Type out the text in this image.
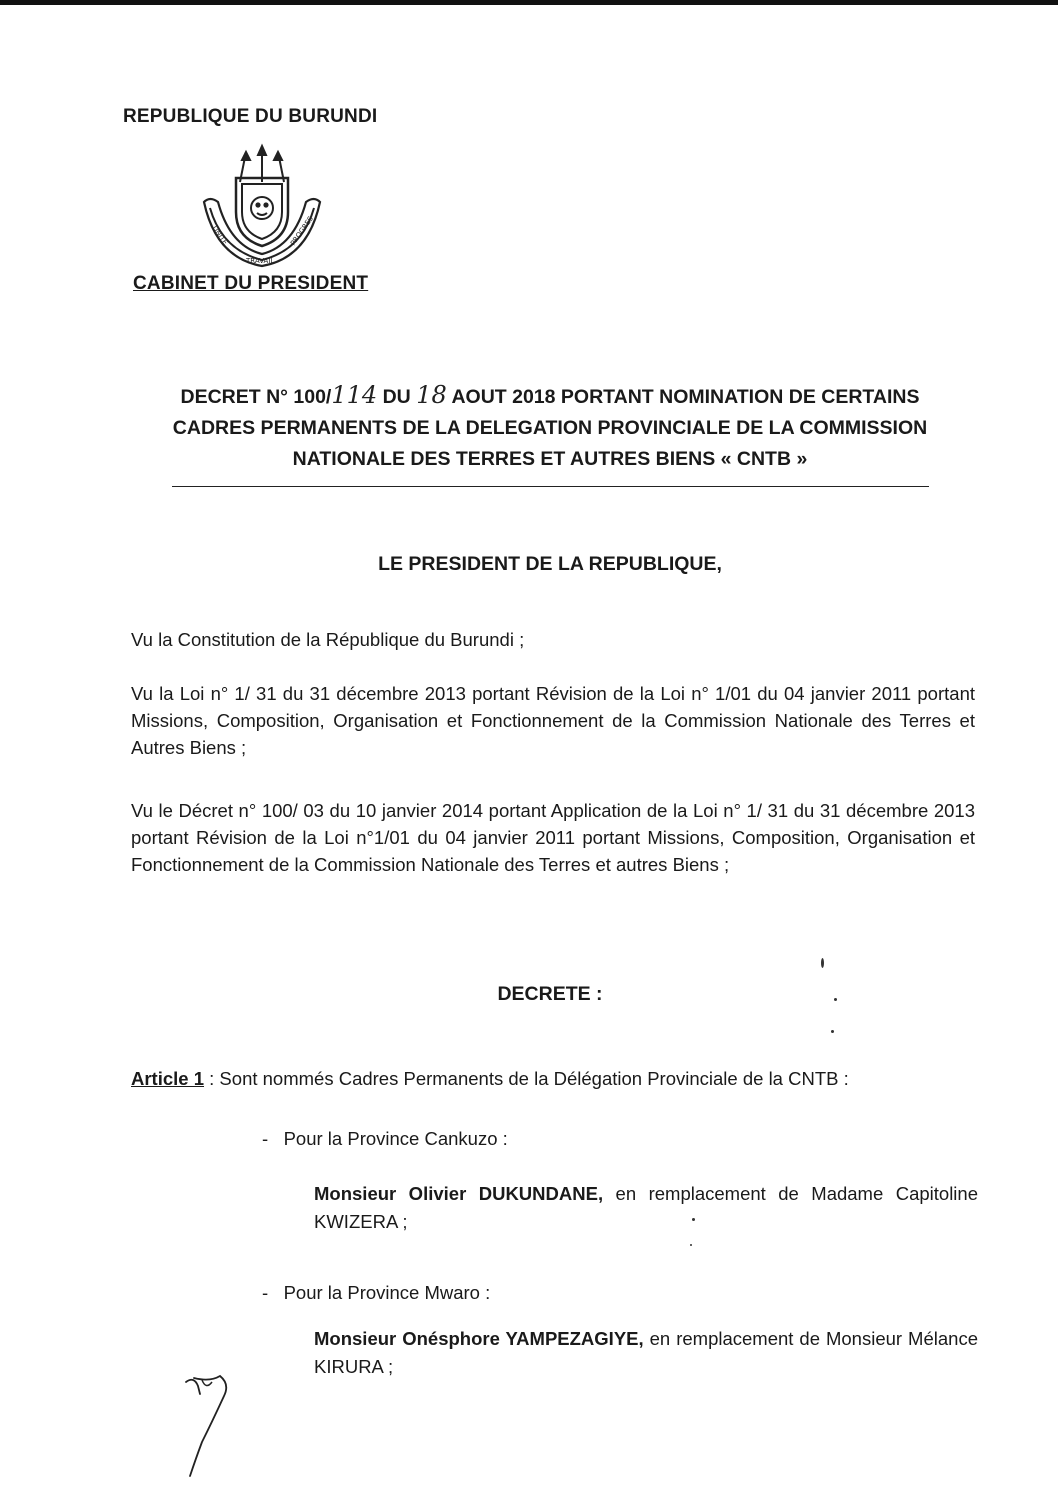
REPUBLIQUE DU BURUNDI
UNITE
TRAVAIL
PROGRES
CABINET DU PRESIDENT
DECRET N° 100/114 DU 18 AOUT 2018 PORTANT NOMINATION DE CERTAINS
CADRES PERMANENTS DE LA DELEGATION PROVINCIALE DE LA COMMISSION
NATIONALE DES TERRES ET AUTRES BIENS « CNTB »
LE PRESIDENT DE LA REPUBLIQUE,
Vu la Constitution de la République du Burundi ;
Vu la Loi n° 1/ 31 du 31 décembre 2013 portant Révision de la Loi n° 1/01 du 04 janvier 2011 portant Missions, Composition, Organisation et Fonctionnement de la Commission Nationale des Terres et Autres Biens ;
Vu le Décret n° 100/ 03 du 10 janvier 2014 portant Application de la Loi n° 1/ 31 du 31 décembre 2013 portant Révision de la Loi n°1/01 du 04 janvier 2011 portant Missions, Composition, Organisation et Fonctionnement de la Commission Nationale des Terres et autres Biens ;
DECRETE :
Article 1 : Sont nommés Cadres Permanents de la Délégation Provinciale de la CNTB :
- Pour la Province Cankuzo :
Monsieur Olivier DUKUNDANE, en remplacement de Madame Capitoline KWIZERA ;
- Pour la Province Mwaro :
Monsieur Onésphore YAMPEZAGIYE, en remplacement de Monsieur Mélance KIRURA ;
